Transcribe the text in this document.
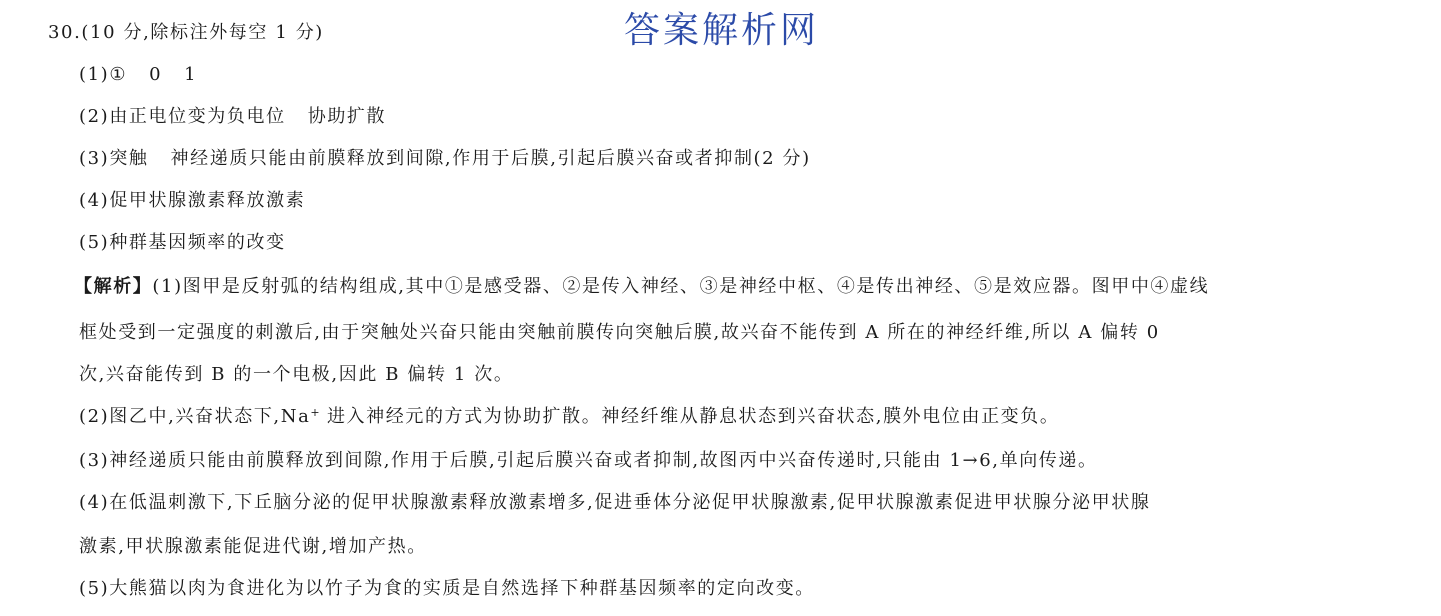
30.(10 分,除标注外每空 1 分)	答案解析网
(1)① 0 1
(2)由正电位变为负电位 协助扩散
(3)突触 神经递质只能由前膜释放到间隙,作用于后膜,引起后膜兴奋或者抑制(2 分)
(4)促甲状腺激素释放激素
(5)种群基因频率的改变
【解析】(1)图甲是反射弧的结构组成,其中①是感受器、②是传入神经、③是神经中枢、④是传出神经、⑤是效应器。图甲中④虚线
框处受到一定强度的刺激后,由于突触处兴奋只能由突触前膜传向突触后膜,故兴奋不能传到 A 所在的神经纤维,所以 A 偏转 0
次,兴奋能传到 B 的一个电极,因此 B 偏转 1 次。
(2)图乙中,兴奋状态下,Na+ 进入神经元的方式为协助扩散。神经纤维从静息状态到兴奋状态,膜外电位由正变负。
(3)神经递质只能由前膜释放到间隙,作用于后膜,引起后膜兴奋或者抑制,故图丙中兴奋传递时,只能由 1→6,单向传递。
(4)在低温刺激下,下丘脑分泌的促甲状腺激素释放激素增多,促进垂体分泌促甲状腺激素,促甲状腺激素促进甲状腺分泌甲状腺
激素,甲状腺激素能促进代谢,增加产热。
(5)大熊猫以肉为食进化为以竹子为食的实质是自然选择下种群基因频率的定向改变。
